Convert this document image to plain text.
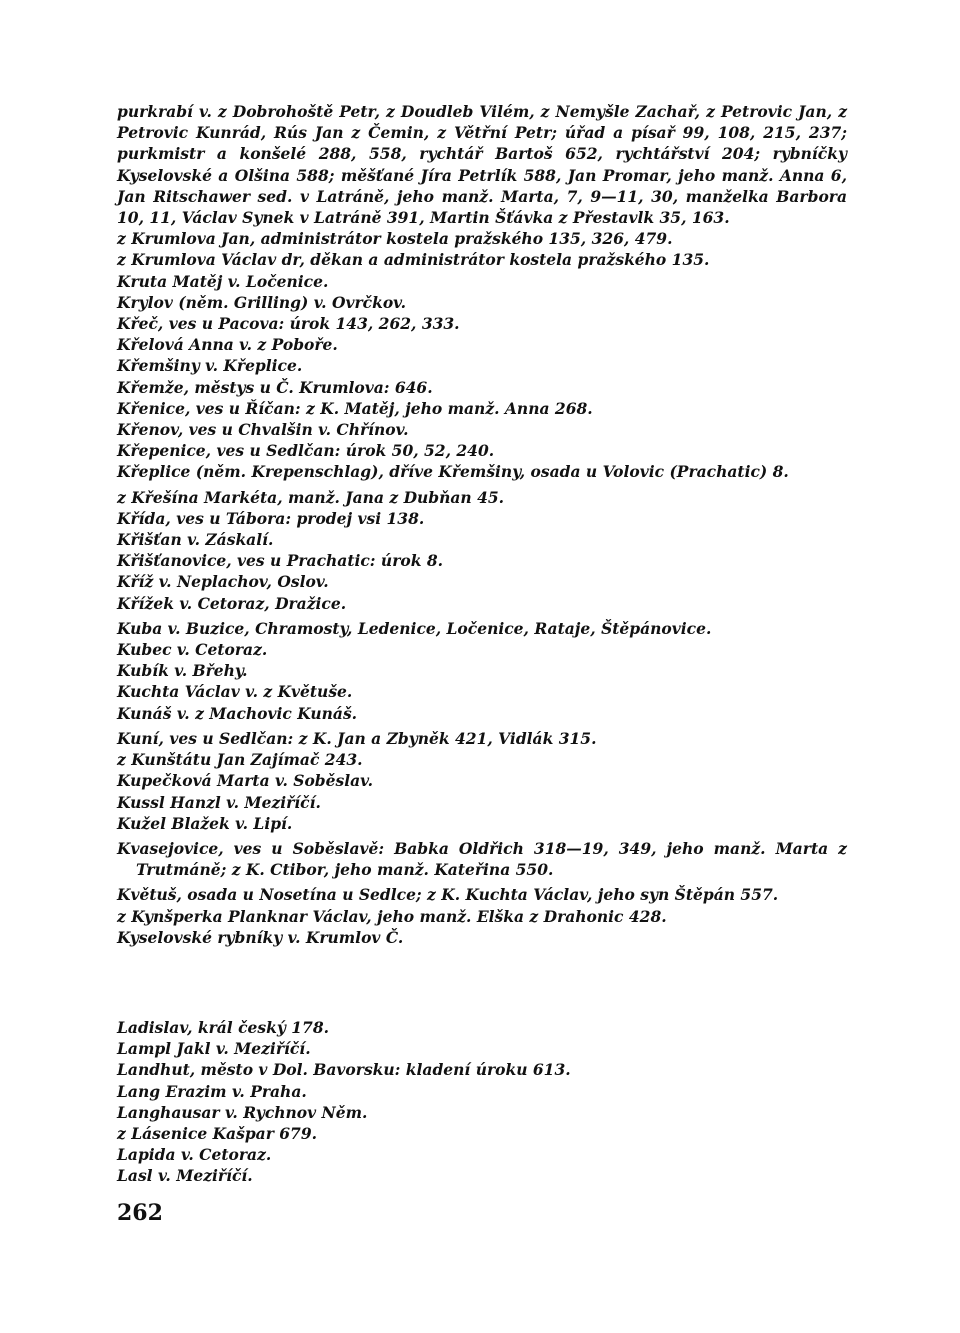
purkrabí v. z Dobrohoště Petr, z Doudleb Vilém, z Nemyšle Zachař, z Petrovic Jan, z Petrovic Kunrád, Rús Jan z Čemin, z Větřní Petr; úřad a písař 99, 108, 215, 237; purkmistr a konšelé 288, 558, rychtář Bartoš 652, rychtářství 204; rybníčky Kyselovské a Olšina 588; měšťané Jíra Petrlík 588, Jan Promar, jeho manž. Anna 6, Jan Ritschawer sed. v Latráně, jeho manž. Marta, 7, 9—11, 30, manželka Barbora 10, 11, Václav Synek v Latráně 391, Martin Šťávka z Přestavlk 35, 163.

z Krumlova Jan, administrátor kostela pražského 135, 326, 479.

z Krumlova Václav dr, děkan a administrátor kostela pražského 135.

Kruta Matěj v. Ločenice.

Krylov (něm. Grilling) v. Ovrčkov.

Křeč, ves u Pacova: úrok 143, 262, 333.

Křelová Anna v. z Poboře.

Křemšiny v. Křeplice.

Křemže, městys u Č. Krumlova: 646.

Křenice, ves u Říčan: z K. Matěj, jeho manž. Anna 268.

Křenov, ves u Chvalšin v. Chřínov.

Křepenice, ves u Sedlčan: úrok 50, 52, 240.

Křeplice (něm. Krepenschlag), dříve Křemšiny, osada u Volovic (Prachatic) 8.

z Křešína Markéta, manž. Jana z Dubňan 45.

Křída, ves u Tábora: prodej vsi 138.

Křišťan v. Záskalí.

Křišťanovice, ves u Prachatic: úrok 8.

Kříž v. Neplachov, Oslov.

Křížek v. Cetoraz, Dražice.

Kuba v. Buzice, Chramosty, Ledenice, Ločenice, Rataje, Štěpánovice.

Kubec v. Cetoraz.

Kubík v. Břehy.

Kuchta Václav v. z Květuše.

Kunáš v. z Machovic Kunáš.

Kuní, ves u Sedlčan: z K. Jan a Zbyněk 421, Vidlák 315.

z Kunštátu Jan Zajímač 243.

Kupečková Marta v. Soběslav.

Kussl Hanzl v. Meziříčí.

Kužel Blažek v. Lipí.

Kvasejovice, ves u Soběslavě: Babka Oldřich 318—19, 349, jeho manž. Marta z Trutmáně; z K. Ctibor, jeho manž. Kateřina 550.

Květuš, osada u Nosetína u Sedlce; z K. Kuchta Václav, jeho syn Štěpán 557.

z Kynšperka Planknar Václav, jeho manž. Elška z Drahonic 428.

Kyselovské rybníky v. Krumlov Č.

Ladislav, král český 178.

Lampl Jakl v. Meziříčí.

Landhut, město v Dol. Bavorsku: kladení úroku 613.

Lang Erazim v. Praha.

Langhausar v. Rychnov Něm.

z Lásenice Kašpar 679.

Lapida v. Cetoraz.

Lasl v. Meziříčí.

262
